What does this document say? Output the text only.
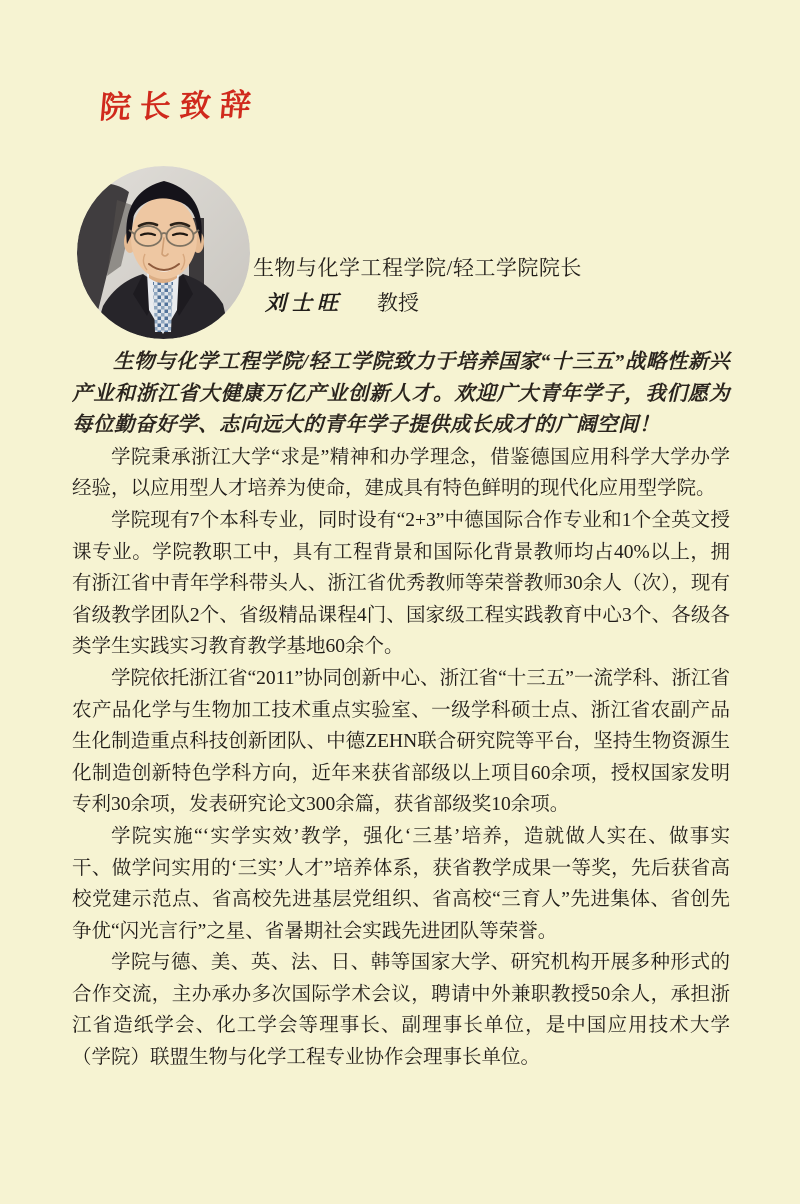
院长致辞
生物与化学工程学院/轻工学院院长
刘士旺 教授

生物与化学工程学院/轻工学院致力于培养国家“十三五”战略性新兴产业和浙江省大健康万亿产业创新人才。欢迎广大青年学子，我们愿为每位勤奋好学、志向远大的青年学子提供成长成才的广阔空间！

学院秉承浙江大学“求是”精神和办学理念，借鉴德国应用科学大学办学经验，以应用型人才培养为使命，建成具有特色鲜明的现代化应用型学院。

学院现有7个本科专业，同时设有“2+3”中德国际合作专业和1个全英文授课专业。学院教职工中，具有工程背景和国际化背景教师均占40%以上，拥有浙江省中青年学科带头人、浙江省优秀教师等荣誉教师30余人（次），现有省级教学团队2个、省级精品课程4门、国家级工程实践教育中心3个、各级各类学生实践实习教育教学基地60余个。

学院依托浙江省“2011”协同创新中心、浙江省“十三五”一流学科、浙江省农产品化学与生物加工技术重点实验室、一级学科硕士点、浙江省农副产品生化制造重点科技创新团队、中德ZEHN联合研究院等平台，坚持生物资源生化制造创新特色学科方向，近年来获省部级以上项目60余项，授权国家发明专利30余项，发表研究论文300余篇，获省部级奖10余项。

学院实施“‘实学实效’教学，强化‘三基’培养，造就做人实在、做事实干、做学问实用的‘三实’人才”培养体系，获省教学成果一等奖，先后获省高校党建示范点、省高校先进基层党组织、省高校“三育人”先进集体、省创先争优“闪光言行”之星、省暑期社会实践先进团队等荣誉。

学院与德、美、英、法、日、韩等国家大学、研究机构开展多种形式的合作交流，主办承办多次国际学术会议，聘请中外兼职教授50余人，承担浙江省造纸学会、化工学会等理事长、副理事长单位，是中国应用技术大学（学院）联盟生物与化学工程专业协作会理事长单位。
